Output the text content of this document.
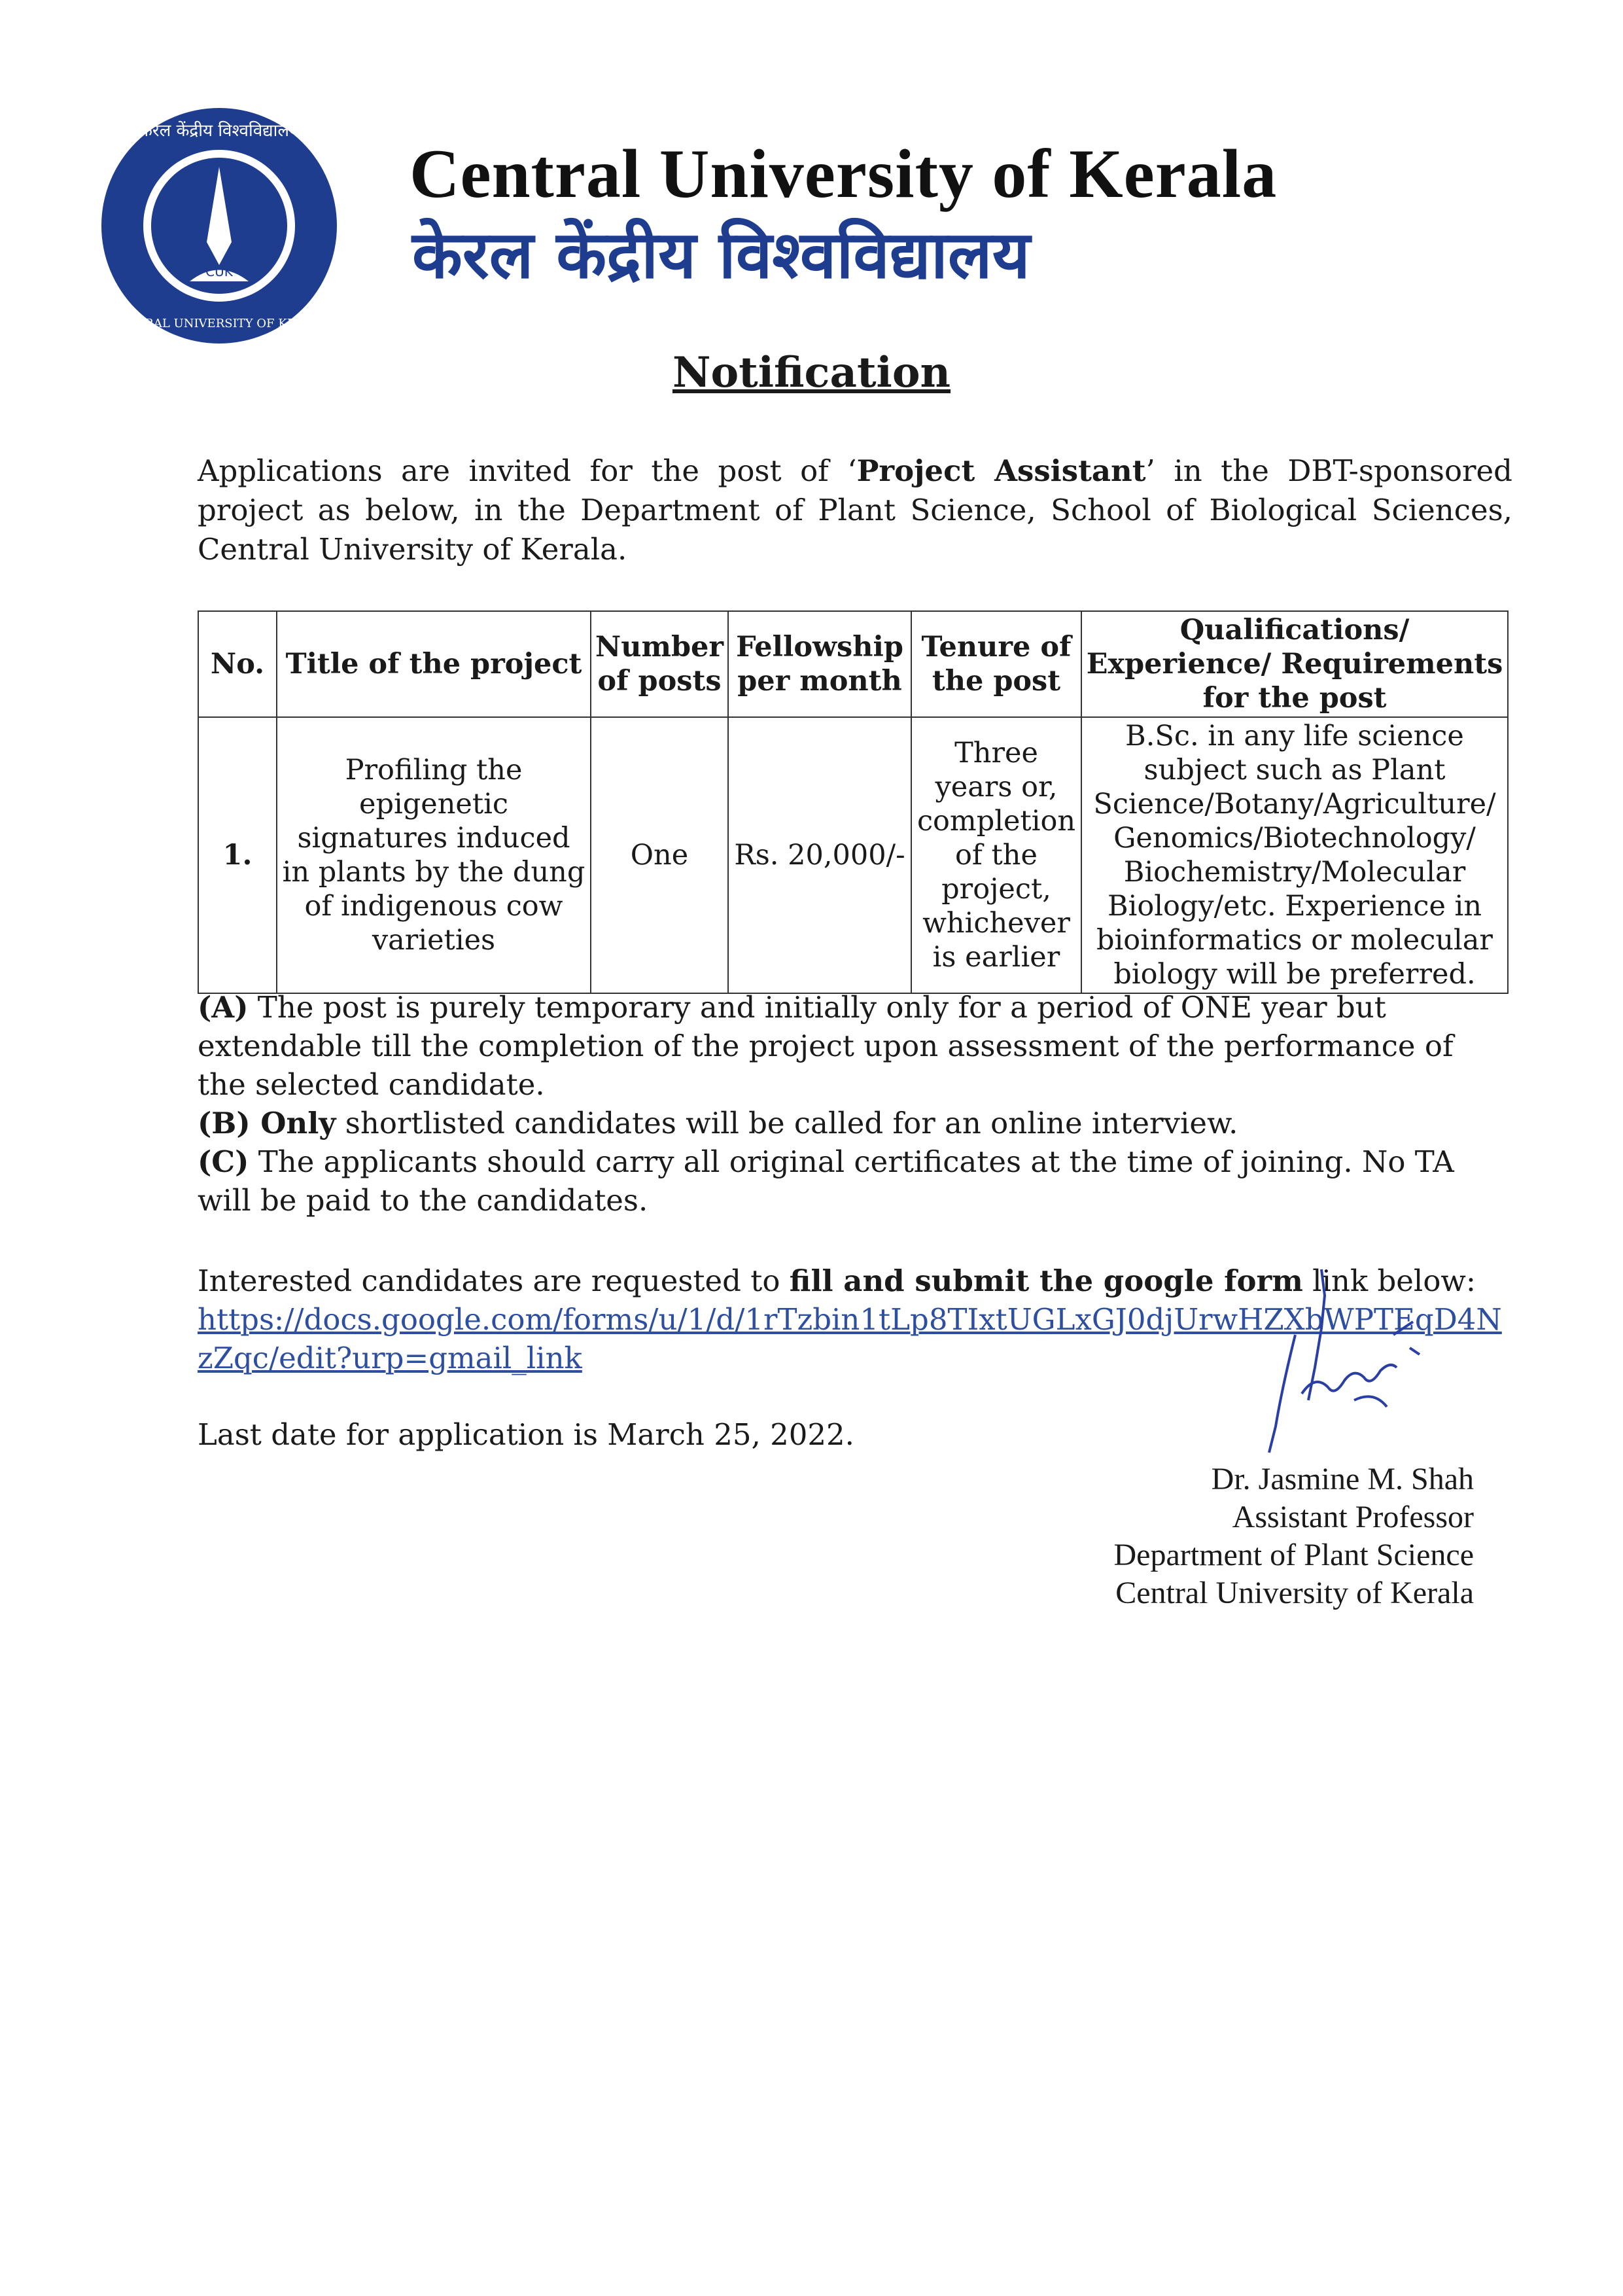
CUK
केरल केंद्रीय विश्वविद्यालय
CENTRAL UNIVERSITY OF KERALA
Central University of Kerala
केरल केंद्रीय विश्वविद्यालय
Notification
Applications are invited for the post of ‘Project Assistant’ in the DBT-sponsored project as below, in the Department of Plant Science, School of Biological Sciences, Central University of Kerala.
No.	Title of the project	Number of posts	Fellowship per month	Tenure of the post	Qualifications/ Experience/ Requirements for the post
1.	Profiling the epigenetic signatures induced in plants by the dung of indigenous cow varieties	One	Rs. 20,000/-	Three years or, completion of the project, whichever is earlier	B.Sc. in any life science subject such as Plant Science/Botany/Agriculture/ Genomics/Biotechnology/ Biochemistry/Molecular Biology/etc. Experience in bioinformatics or molecular biology will be preferred.

(A) The post is purely temporary and initially only for a period of ONE year but extendable till the completion of the project upon assessment of the performance of the selected candidate.

(B) Only shortlisted candidates will be called for an online interview.

(C) The applicants should carry all original certificates at the time of joining. No TA will be paid to the candidates.

Interested candidates are requested to fill and submit the google form link below:

https://docs.google.com/forms/u/1/d/1rTzbin1tLp8TIxtUGLxGJ0djUrwHZXbWPTEqD4NzZqc/edit?urp=gmail_link

Last date for application is March 25, 2022.

Dr. Jasmine M. Shah

Assistant Professor

Department of Plant Science

Central University of Kerala
